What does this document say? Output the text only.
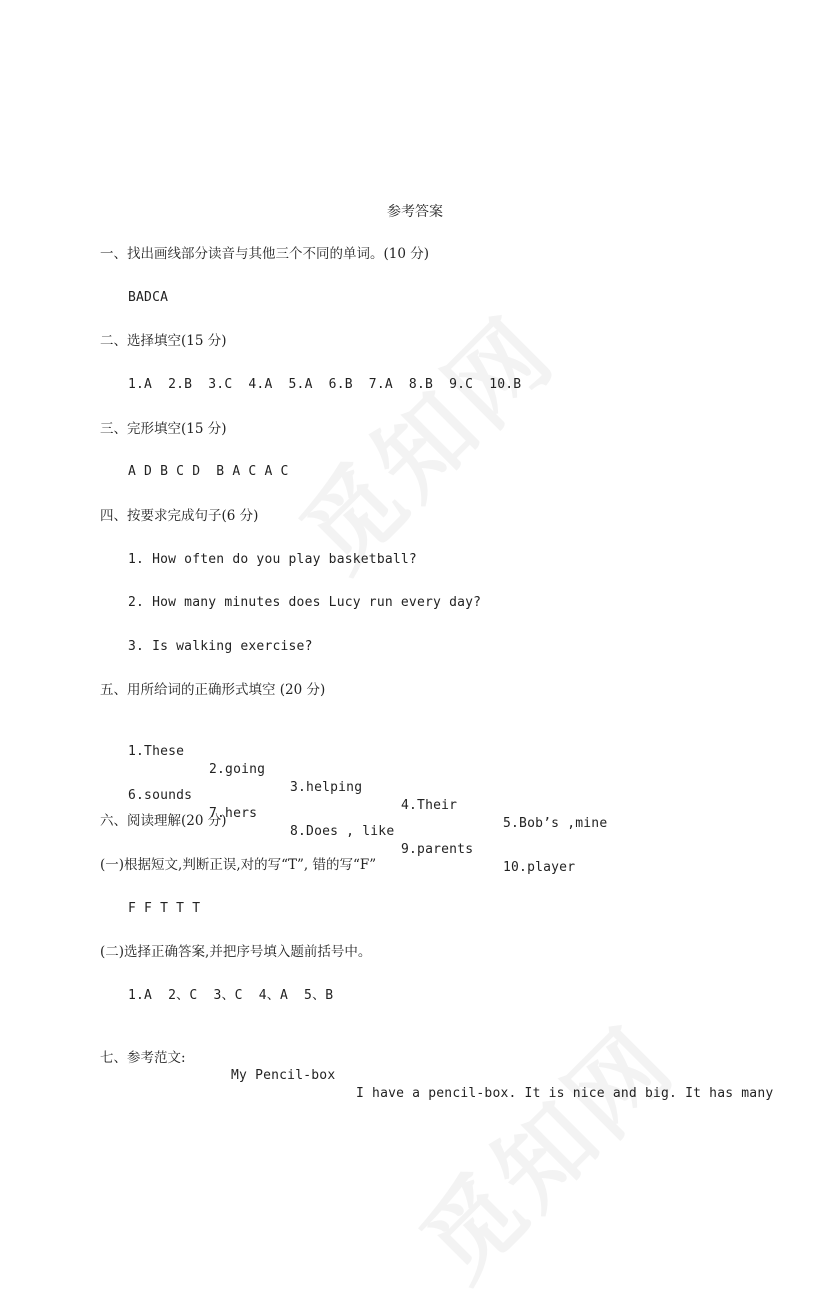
参考答案
一、找出画线部分读音与其他三个不同的单词。(10 分)
BADCA
二、选择填空(15 分)
1.A  2.B  3.C  4.A  5.A  6.B  7.A  8.B  9.C  10.B
三、完形填空(15 分)
A D B C D  B A C A C
四、按要求完成句子(6 分)
1. How often do you play basketball?
2. How many minutes does Lucy run every day?
3. Is walking exercise?
五、用所给词的正确形式填空 (20 分)

1.These

2.going

3.helping

4.Their

5.Bob’s ,mine

6.sounds

7.hers

8.Does , like

9.parents

10.player

六、阅读理解(20 分)
(一)根据短文,判断正误,对的写“T”, 错的写“F”
F F T T T
(二)选择正确答案,并把序号填入题前括号中。
1.A  2、C  3、C  4、A  5、B

七、参考范文:

My Pencil-box

I have a pencil-box. It is nice and big. It has many
